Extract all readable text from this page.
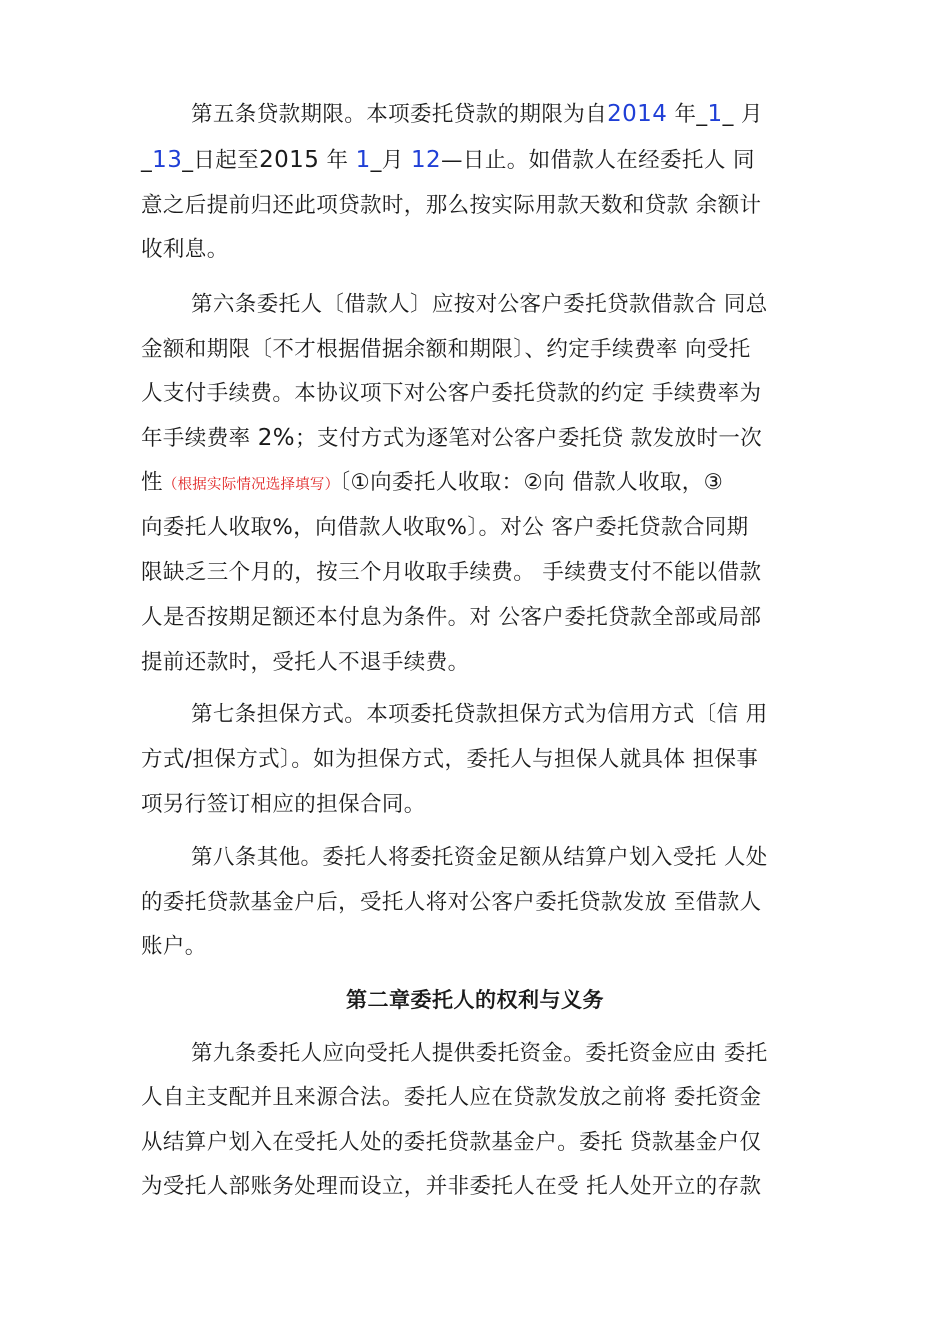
第五条贷款期限。本项委托贷款的期限为自2014 年_1_ 月
_13_日起至2015 年 1_月 12—日止。如借款人在经委托人 同
意之后提前归还此项贷款时，那么按实际用款天数和贷款 余额计
收利息。
第六条委托人〔借款人〕应按对公客户委托贷款借款合 同总
金额和期限〔不才根据借据余额和期限〕、约定手续费率 向受托
人支付手续费。本协议项下对公客户委托贷款的约定 手续费率为
年手续费率 2%；支付方式为逐笔对公客户委托贷 款发放时一次
性（根据实际情况选择填写）〔①向委托人收取：②向 借款人收取，③
向委托人收取%，向借款人收取%〕。对公 客户委托贷款合同期
限缺乏三个月的，按三个月收取手续费。 手续费支付不能以借款
人是否按期足额还本付息为条件。对 公客户委托贷款全部或局部
提前还款时，受托人不退手续费。
第七条担保方式。本项委托贷款担保方式为信用方式〔信 用
方式/担保方式〕。如为担保方式，委托人与担保人就具体 担保事
项另行签订相应的担保合同。
第八条其他。委托人将委托资金足额从结算户划入受托 人处
的委托贷款基金户后，受托人将对公客户委托贷款发放 至借款人
账户。
第二章委托人的权利与义务
第九条委托人应向受托人提供委托资金。委托资金应由 委托
人自主支配并且来源合法。委托人应在贷款发放之前将 委托资金
从结算户划入在受托人处的委托贷款基金户。委托 贷款基金户仅
为受托人部账务处理而设立，并非委托人在受 托人处开立的存款
